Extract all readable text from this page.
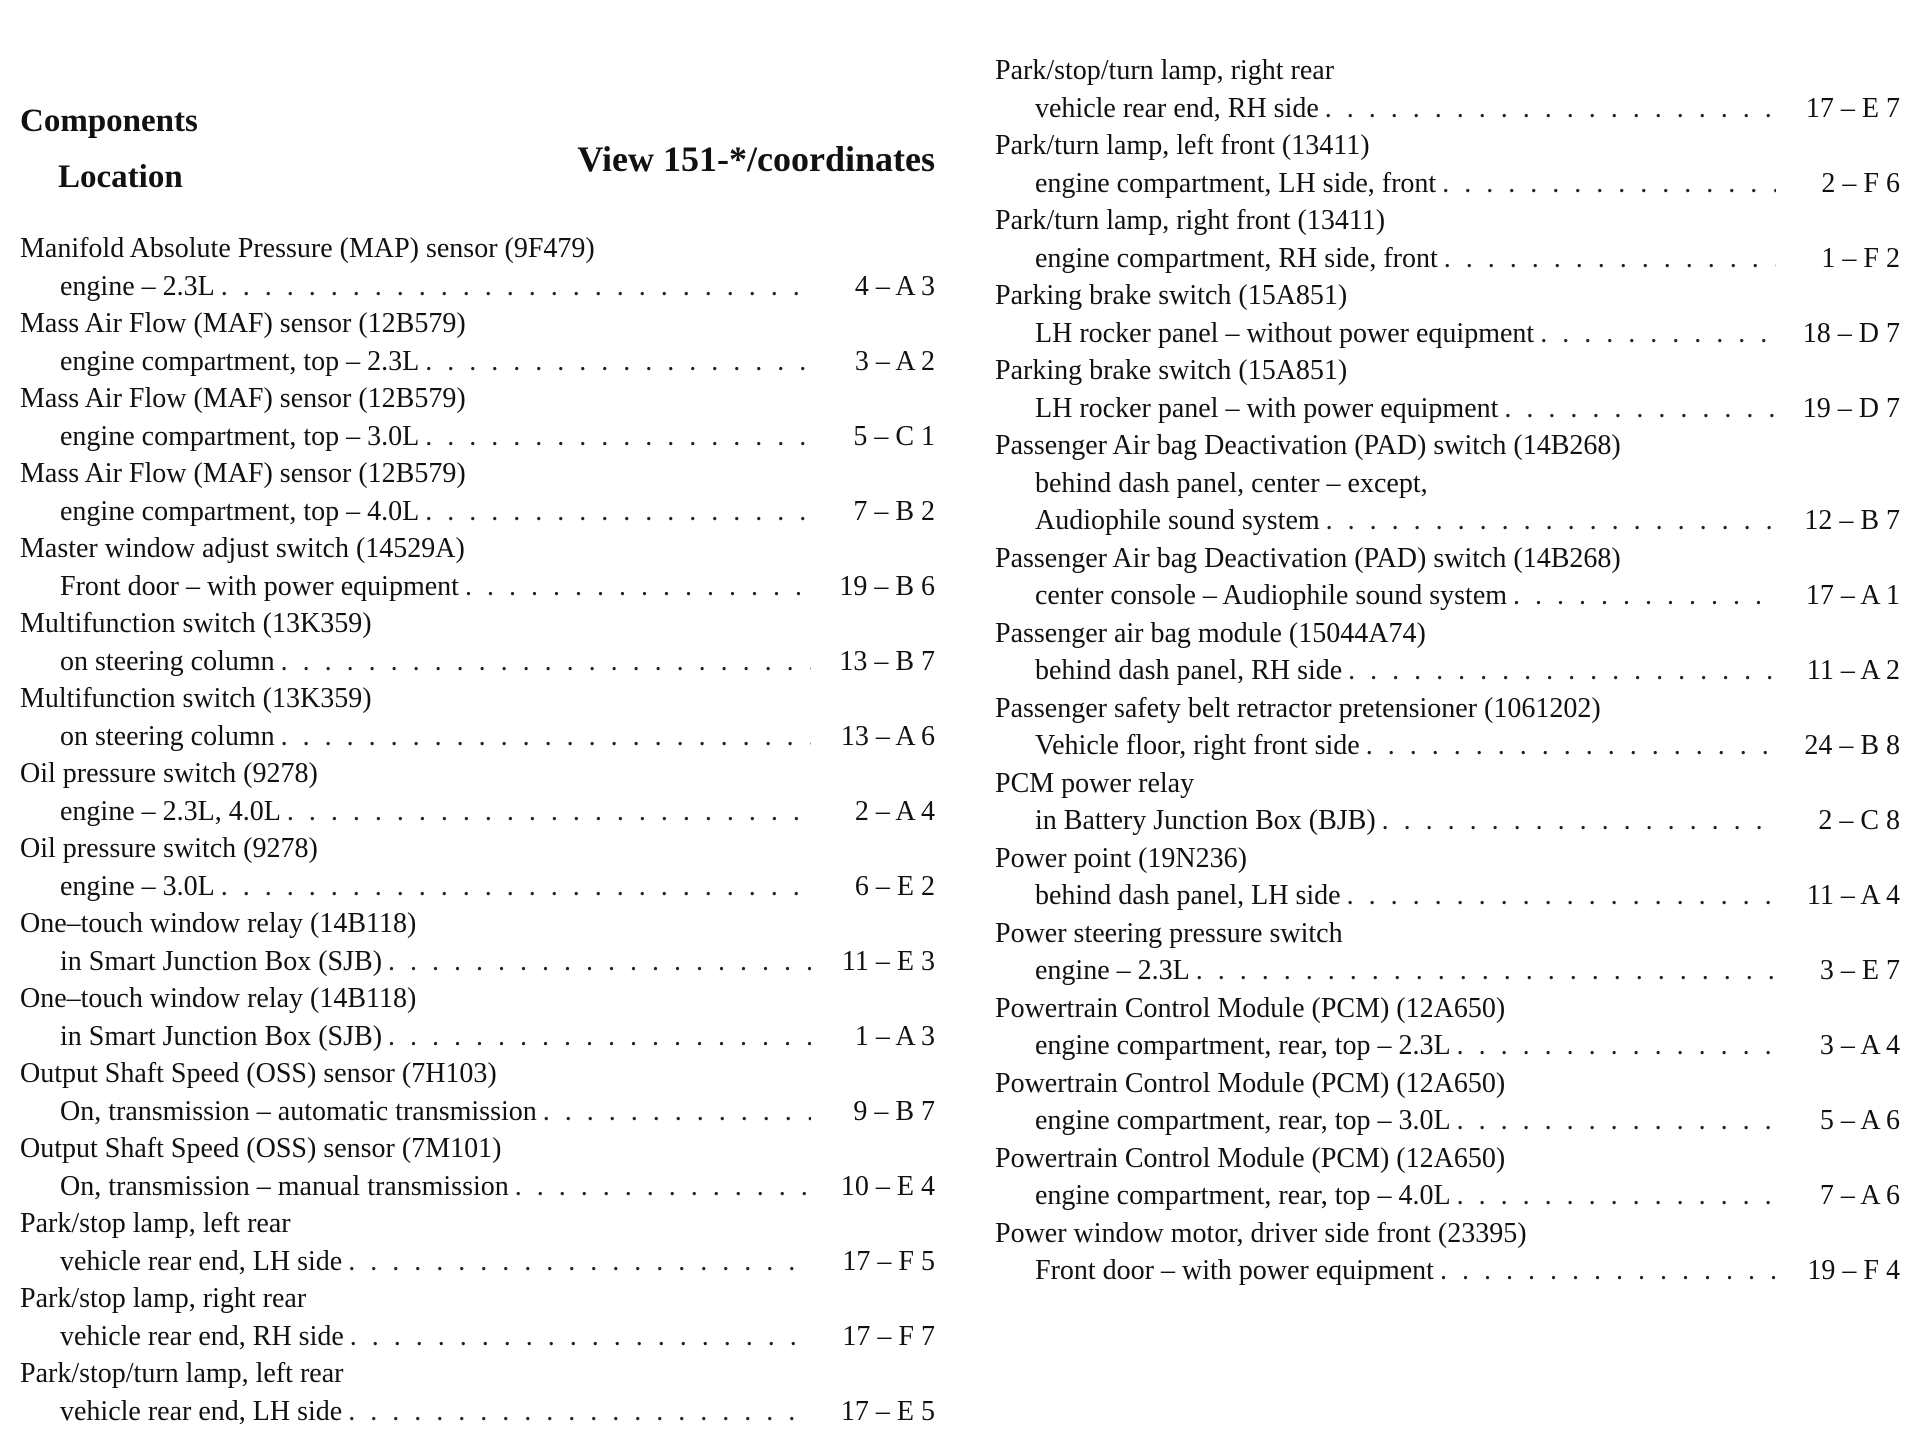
Components
Location	View 151-*/coordinates
Manifold Absolute Pressure (MAP) sensor (9F479)
engine – 2.3L . . .	4 – A 3
Mass Air Flow (MAF) sensor (12B579)
engine compartment, top – 2.3L . . .	3 – A 2
Mass Air Flow (MAF) sensor (12B579)
engine compartment, top – 3.0L . . .	5 – C 1
Mass Air Flow (MAF) sensor (12B579)
engine compartment, top – 4.0L . . .	7 – B 2
Master window adjust switch (14529A)
Front door – with power equipment . . .	19 – B 6
Multifunction switch (13K359)
on steering column . . .	13 – B 7
Multifunction switch (13K359)
on steering column . . .	13 – A 6
Oil pressure switch (9278)
engine – 2.3L, 4.0L . . .	2 – A 4
Oil pressure switch (9278)
engine – 3.0L . . .	6 – E 2
One–touch window relay (14B118)
in Smart Junction Box (SJB) . . .	11 – E 3
One–touch window relay (14B118)
in Smart Junction Box (SJB) . . .	1 – A 3
Output Shaft Speed (OSS) sensor (7H103)
On, transmission – automatic transmission . . .	9 – B 7
Output Shaft Speed (OSS) sensor (7M101)
On, transmission – manual transmission . . .	10 – E 4
Park/stop lamp, left rear
vehicle rear end, LH side . . .	17 – F 5
Park/stop lamp, right rear
vehicle rear end, RH side . . .	17 – F 7
Park/stop/turn lamp, left rear
vehicle rear end, LH side . . .	17 – E 5
Park/stop/turn lamp, right rear
vehicle rear end, RH side . . .	17 – E 7
Park/turn lamp, left front (13411)
engine compartment, LH side, front . . .	2 – F 6
Park/turn lamp, right front (13411)
engine compartment, RH side, front . . .	1 – F 2
Parking brake switch (15A851)
LH rocker panel – without power equipment . . .	18 – D 7
Parking brake switch (15A851)
LH rocker panel – with power equipment . . .	19 – D 7
Passenger Air bag Deactivation (PAD) switch (14B268)
behind dash panel, center – except,
Audiophile sound system . . .	12 – B 7
Passenger Air bag Deactivation (PAD) switch (14B268)
center console – Audiophile sound system . . .	17 – A 1
Passenger air bag module (15044A74)
behind dash panel, RH side . . .	11 – A 2
Passenger safety belt retractor pretensioner (1061202)
Vehicle floor, right front side . . .	24 – B 8
PCM power relay
in Battery Junction Box (BJB) . . .	2 – C 8
Power point (19N236)
behind dash panel, LH side . . .	11 – A 4
Power steering pressure switch
engine – 2.3L . . .	3 – E 7
Powertrain Control Module (PCM) (12A650)
engine compartment, rear, top – 2.3L . . .	3 – A 4
Powertrain Control Module (PCM) (12A650)
engine compartment, rear, top – 3.0L . . .	5 – A 6
Powertrain Control Module (PCM) (12A650)
engine compartment, rear, top – 4.0L . . .	7 – A 6
Power window motor, driver side front (23395)
Front door – with power equipment . . .	19 – F 4
